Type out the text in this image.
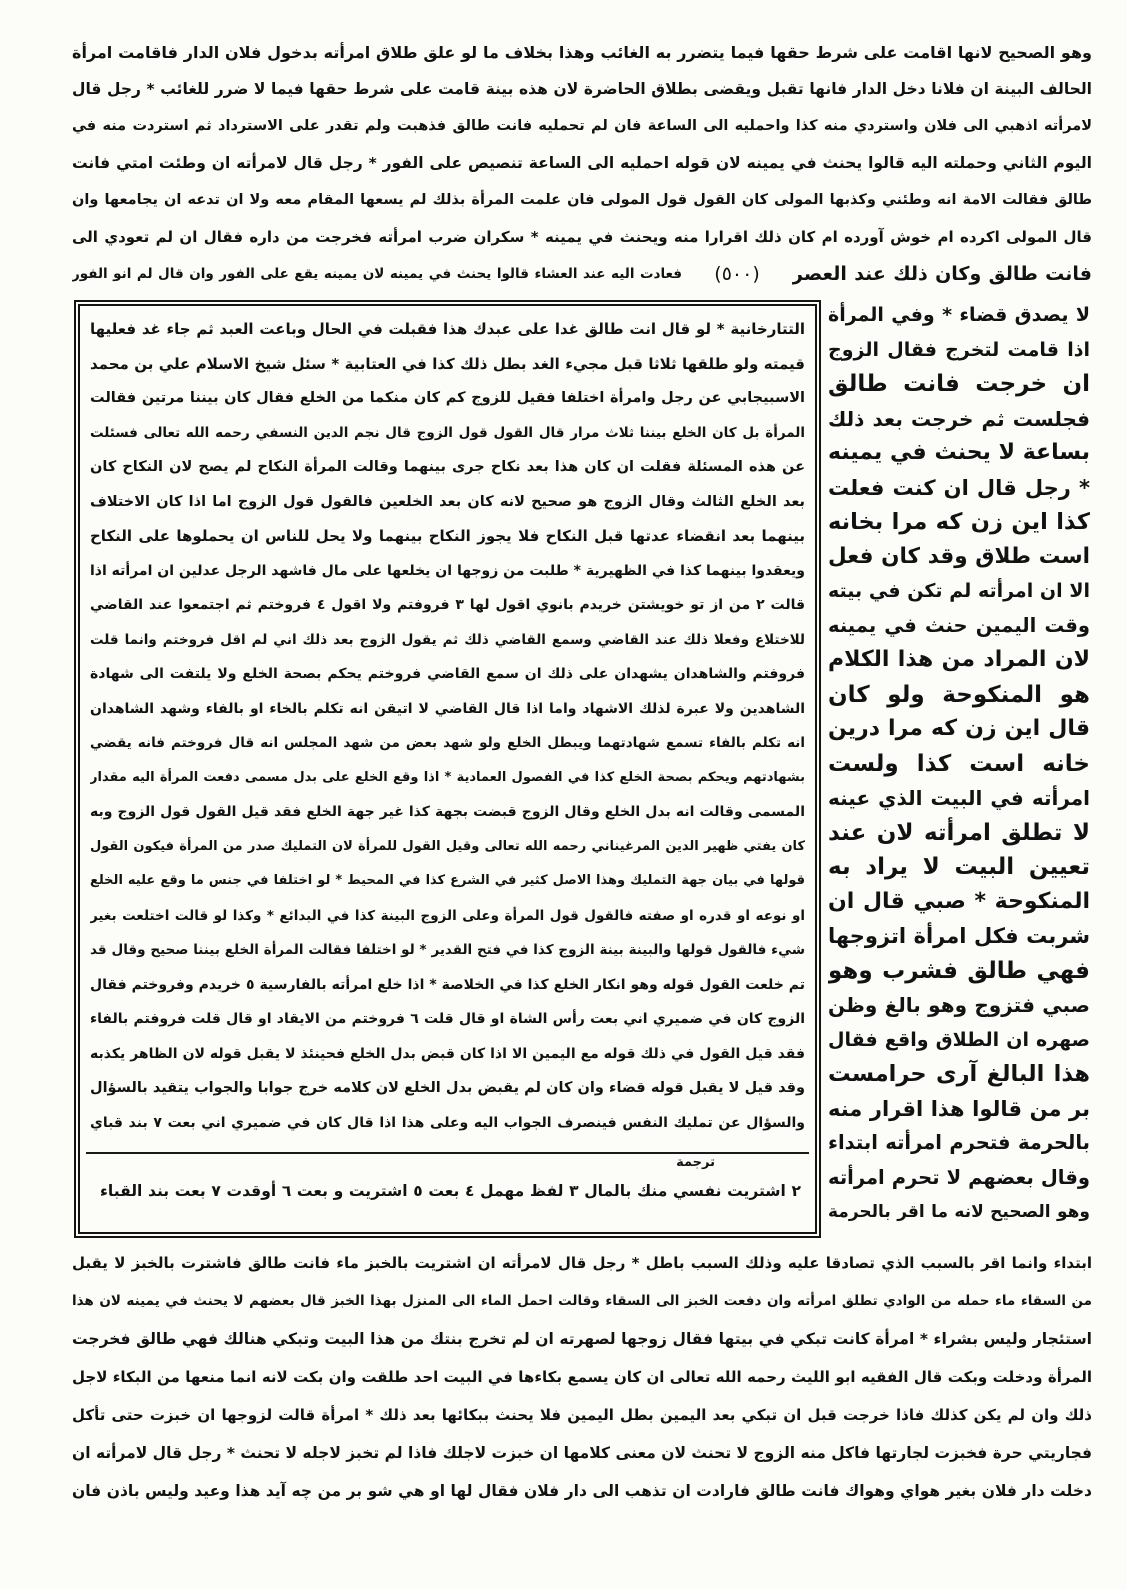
وهو الصحيح لانها اقامت على شرط حقها فيما يتضرر به الغائب وهذا بخلاف ما لو علق طلاق امرأته بدخول فلان الدار فاقامت امرأة
الحالف البينة ان فلانا دخل الدار فانها تقبل ويقضى بطلاق الحاضرة لان هذه بينة قامت على شرط حقها فيما لا ضرر للغائب * رجل قال
لامرأته اذهبي الى فلان واستردي منه كذا واحمليه الى الساعة فان لم تحمليه فانت طالق فذهبت ولم تقدر على الاسترداد ثم استردت منه في
اليوم الثاني وحملته اليه قالوا يحنث في يمينه لان قوله احمليه الى الساعة تنصيص على الفور * رجل قال لامرأته ان وطئت امتي فانت
طالق فقالت الامة انه وطئني وكذبها المولى كان القول قول المولى فان علمت المرأة بذلك لم يسعها المقام معه ولا ان تدعه ان يجامعها وان
قال المولى اكرده ام خوش آورده ام كان ذلك اقرارا منه ويحنث في يمينه * سكران ضرب امرأته فخرجت من داره فقال ان لم تعودي الى
فانت طالق وكان ذلك عند العصر
(٥٠٠)
فعادت اليه عند العشاء قالوا يحنث في يمينه لان يمينه يقع على الفور وان قال لم انو الفور
التتارخانية * لو قال انت طالق غدا على عبدك هذا فقبلت في الحال وباعت العبد ثم جاء غد فعليها
قيمته ولو طلقها ثلاثا قبل مجيء الغد بطل ذلك كذا في العتابية * سئل شيخ الاسلام علي بن محمد
الاسبيجابي عن رجل وامرأة اختلفا فقيل للزوج كم كان منكما من الخلع فقال كان بيننا مرتين فقالت
المرأة بل كان الخلع بيننا ثلاث مرار قال القول قول الزوج قال نجم الدين النسفي رحمه الله تعالى فسئلت
عن هذه المسئلة فقلت ان كان هذا بعد نكاح جرى بينهما وقالت المرأة النكاح لم يصح لان النكاح كان
بعد الخلع الثالث وقال الزوج هو صحيح لانه كان بعد الخلعين فالقول قول الزوج اما اذا كان الاختلاف
بينهما بعد انقضاء عدتها قبل النكاح فلا يجوز النكاح بينهما ولا يحل للناس ان يحملوها على النكاح
ويعقدوا بينهما كذا في الظهيرية * طلبت من زوجها ان يخلعها على مال فاشهد الرجل عدلين ان امرأته اذا
قالت ٢ من از تو خويشتن خريدم بانوي اقول لها ٣ فروفتم ولا اقول ٤ فروختم ثم اجتمعوا عند القاضي
للاختلاع وفعلا ذلك عند القاضي وسمع القاضي ذلك ثم يقول الزوج بعد ذلك اني لم اقل فروختم وانما قلت
فروفتم والشاهدان يشهدان على ذلك ان سمع القاضي فروختم يحكم بصحة الخلع ولا يلتفت الى شهادة
الشاهدين ولا عبرة لذلك الاشهاد واما اذا قال القاضي لا اتيقن انه تكلم بالخاء او بالفاء وشهد الشاهدان
انه تكلم بالفاء تسمع شهادتهما ويبطل الخلع ولو شهد بعض من شهد المجلس انه قال فروختم فانه يقضي
بشهادتهم ويحكم بصحة الخلع كذا في الفصول العمادية * اذا وقع الخلع على بدل مسمى دفعت المرأة اليه مقدار
المسمى وقالت انه بدل الخلع وقال الزوج قبضت بجهة كذا غير جهة الخلع فقد قيل القول قول الزوج وبه
كان يفتي ظهير الدين المرغيناني رحمه الله تعالى وقيل القول للمرأة لان التمليك صدر من المرأة فيكون القول
قولها في بيان جهة التمليك وهذا الاصل كثير في الشرع كذا في المحيط * لو اختلفا في جنس ما وقع عليه الخلع
او نوعه او قدره او صفته فالقول قول المرأة وعلى الزوج البينة كذا في البدائع * وكذا لو قالت اختلعت بغير
شيء فالقول قولها والبينة بينة الزوج كذا في فتح القدير * لو اختلفا فقالت المرأة الخلع بيننا صحيح وقال قد
تم خلعت القول قوله وهو انكار الخلع كذا في الخلاصة * اذا خلع امرأته بالفارسية ٥ خريدم وفروختم فقال
الزوج كان في ضميري اني بعت رأس الشاة او قال قلت ٦ فروختم من الايقاد او قال قلت فروفتم بالفاء
فقد قيل القول في ذلك قوله مع اليمين الا اذا كان قبض بدل الخلع فحينئذ لا يقبل قوله لان الظاهر يكذبه
وقد قيل لا يقبل قوله قضاء وان كان لم يقبض بدل الخلع لان كلامه خرج جوابا والجواب يتقيد بالسؤال
والسؤال عن تمليك النفس فينصرف الجواب اليه وعلى هذا اذا قال كان في ضميري اني بعت ٧ بند قباي
ترجمة
٢ اشتريت نفسي منك بالمال ٣ لفظ مهمل ٤ بعت ٥ اشتريت و بعت ٦ أوقدت ٧ بعت بند القباء
لا يصدق قضاء * وفي المرأة
اذا قامت لتخرج فقال الزوج
ان خرجت فانت طالق
فجلست ثم خرجت بعد ذلك
بساعة لا يحنث في يمينه
* رجل قال ان كنت فعلت
كذا اين زن كه مرا بخانه
است طلاق وقد كان فعل
الا ان امرأته لم تكن في بيته
وقت اليمين حنث في يمينه
لان المراد من هذا الكلام
هو المنكوحة ولو كان
قال اين زن كه مرا درين
خانه است كذا ولست
امرأته في البيت الذي عينه
لا تطلق امرأته لان عند
تعيين البيت لا يراد به
المنكوحة * صبي قال ان
شربت فكل امرأة اتزوجها
فهي طالق فشرب وهو
صبي فتزوج وهو بالغ وظن
صهره ان الطلاق واقع فقال
هذا البالغ آرى حرامست
بر من قالوا هذا اقرار منه
بالحرمة فتحرم امرأته ابتداء
وقال بعضهم لا تحرم امرأته
وهو الصحيح لانه ما اقر بالحرمة
ابتداء وانما اقر بالسبب الذي تصادقا عليه وذلك السبب باطل * رجل قال لامرأته ان اشتريت بالخبز ماء فانت طالق فاشترت بالخبز لا يقبل
من السقاء ماء حمله من الوادي تطلق امرأته وان دفعت الخبز الى السقاء وقالت احمل الماء الى المنزل بهذا الخبز قال بعضهم لا يحنث في يمينه لان هذا
استئجار وليس بشراء * امرأة كانت تبكي في بيتها فقال زوجها لصهرته ان لم تخرج بنتك من هذا البيت وتبكي هنالك فهي طالق فخرجت
المرأة ودخلت وبكت قال الفقيه ابو الليث رحمه الله تعالى ان كان يسمع بكاءها في البيت احد طلقت وان بكت لانه انما منعها من البكاء لاجل
ذلك وان لم يكن كذلك فاذا خرجت قبل ان تبكي بعد اليمين بطل اليمين فلا يحنث ببكائها بعد ذلك * امرأة قالت لزوجها ان خبزت حتى تأكل
فجاريتي حرة فخبزت لجارتها فاكل منه الزوج لا تحنث لان معنى كلامها ان خبزت لاجلك فاذا لم تخبز لاجله لا تحنث * رجل قال لامرأته ان
دخلت دار فلان بغير هواي وهواك فانت طالق فارادت ان تذهب الى دار فلان فقال لها او هي شو بر من چه آيد هذا وعيد وليس باذن فان
